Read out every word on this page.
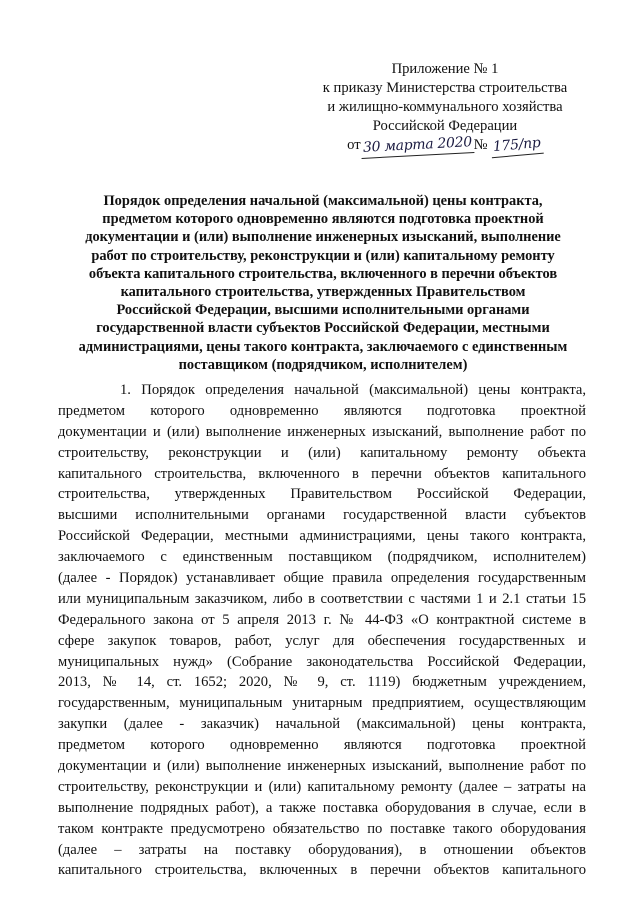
Приложение № 1
к приказу Министерства строительства
и жилищно-коммунального хозяйства
Российской Федерации
от 30 марта 2020 № 175/пр
Порядок определения начальной (максимальной) цены контракта,
предметом которого одновременно являются подготовка проектной
документации и (или) выполнение инженерных изысканий, выполнение
работ по строительству, реконструкции и (или) капитальному ремонту
объекта капитального строительства, включенного в перечни объектов
капитального строительства, утвержденных Правительством
Российской Федерации, высшими исполнительными органами
государственной власти субъектов Российской Федерации, местными
администрациями, цены такого контракта, заключаемого с единственным
поставщиком (подрядчиком, исполнителем)
1. Порядок определения начальной (максимальной) цены контракта,
предметом которого одновременно являются подготовка проектной
документации и (или) выполнение инженерных изысканий, выполнение работ по
строительству, реконструкции и (или) капитальному ремонту объекта
капитального строительства, включенного в перечни объектов капитального
строительства, утвержденных Правительством Российской Федерации,
высшими исполнительными органами государственной власти субъектов
Российской Федерации, местными администрациями, цены такого контракта,
заключаемого с единственным поставщиком (подрядчиком, исполнителем)
(далее - Порядок) устанавливает общие правила определения государственным
или муниципальным заказчиком, либо в соответствии с частями 1 и 2.1 статьи 15
Федерального закона от 5 апреля 2013 г. № 44-ФЗ «О контрактной системе в
сфере закупок товаров, работ, услуг для обеспечения государственных и
муниципальных нужд» (Собрание законодательства Российской Федерации,
2013, № 14, ст. 1652; 2020, № 9, ст. 1119) бюджетным учреждением,
государственным, муниципальным унитарным предприятием, осуществляющим
закупки (далее - заказчик) начальной (максимальной) цены контракта,
предметом которого одновременно являются подготовка проектной
документации и (или) выполнение инженерных изысканий, выполнение работ по
строительству, реконструкции и (или) капитальному ремонту (далее – затраты на
выполнение подрядных работ), а также поставка оборудования в случае, если в
таком контракте предусмотрено обязательство по поставке такого оборудования
(далее – затраты на поставку оборудования), в отношении объектов
капитального строительства, включенных в перечни объектов капитального
